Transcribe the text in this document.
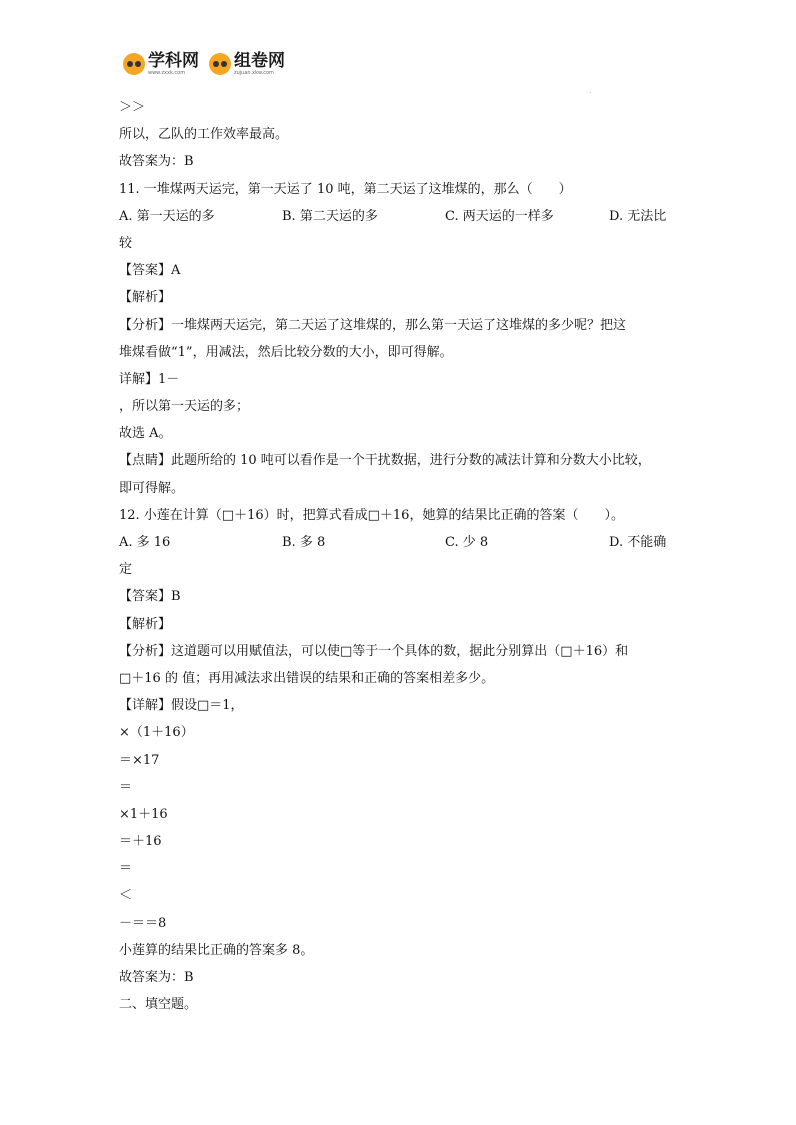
学科网
www.zxxk.com
组卷网
zujuan.xkw.com
＞＞
所以，乙队的工作效率最高。
故答案为：B
11. 一堆煤两天运完，第一天运了 10 吨，第二天运了这堆煤的，那么（　　）
A. 第一天运的多	B. 第二天运的多	C. 两天运的一样多	D. 无法比
较
【答案】A
【解析】
【分析】一堆煤两天运完，第二天运了这堆煤的，那么第一天运了这堆煤的多少呢？把这
堆煤看做“1”，用减法，然后比较分数的大小，即可得解。
详解】1－
，所以第一天运的多；
故选 A。
【点睛】此题所给的 10 吨可以看作是一个干扰数据，进行分数的减法计算和分数大小比较，
即可得解。
12. 小莲在计算（□＋16）时，把算式看成□＋16，她算的结果比正确的答案（　　）。
A. 多 16	B. 多 8	C. 少 8	D. 不能确
定
【答案】B
【解析】
【分析】这道题可以用赋值法，可以使□等于一个具体的数，据此分别算出（□＋16）和
□＋16 的 值；再用减法求出错误的结果和正确的答案相差多少。
【详解】假设□＝1，
×（1＋16）
＝×17
＝
×1＋16
＝＋16
＝
＜
－＝＝8
小莲算的结果比正确的答案多 8。
故答案为：B
二、填空题。
